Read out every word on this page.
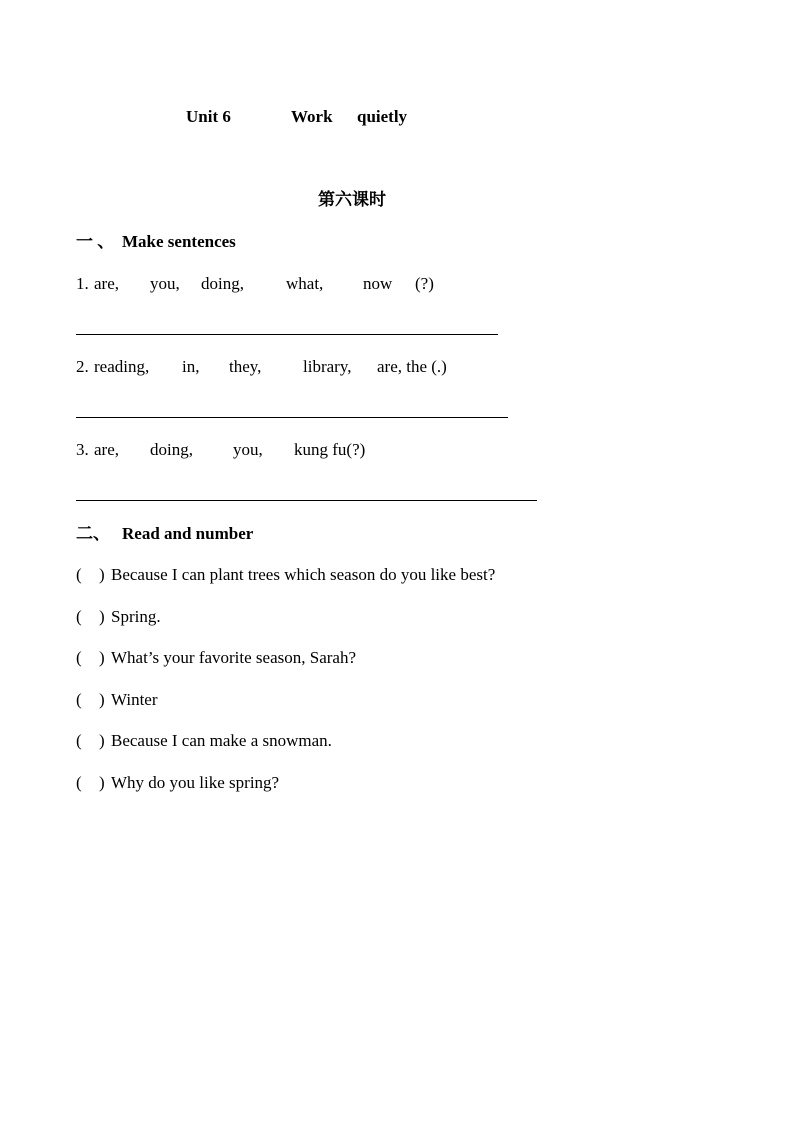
Unit 6	Work quietly
第六课时
一 、 Make sentences
1. are, you, doing, what, now (?)
2. reading, in, they, library, are, the (.)
3. are, doing, you, kung fu(?)
二、 Read and number
( ) Because I can plant trees which season do you like best?
( ) Spring.
( ) What’s your favorite season, Sarah?
( ) Winter
( ) Because I can make a snowman.
( ) Why do you like spring?
